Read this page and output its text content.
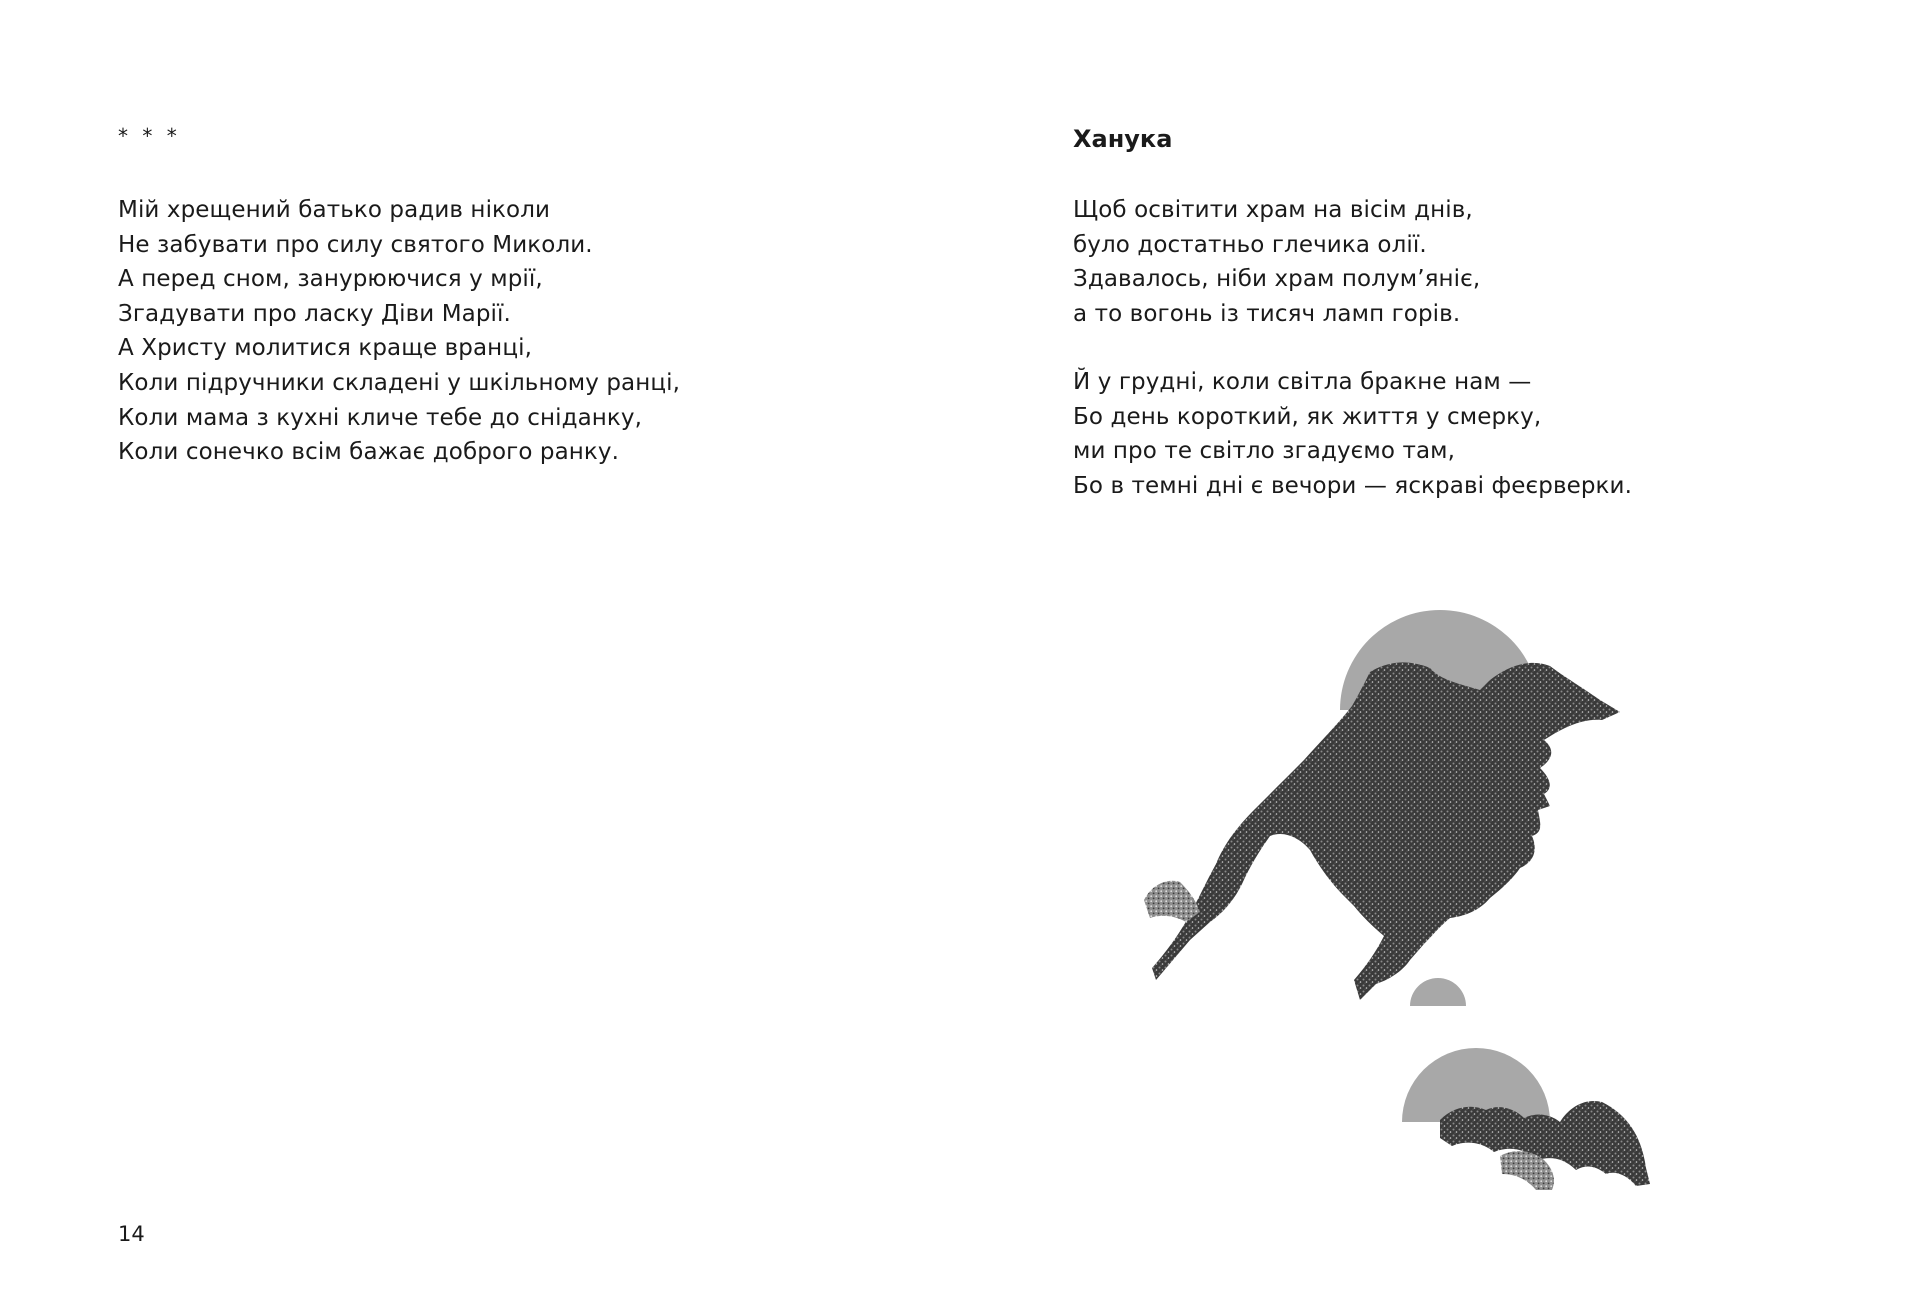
* * *
Мій хрещений батько радив ніколи
Не забувати про силу святого Миколи.
А перед сном, занурюючися у мрії,
Згадувати про ласку Діви Марії.
А Христу молитися краще вранці,
Коли підручники складені у шкільному ранці,
Коли мама з кухні кличе тебе до сніданку,
Коли сонечко всім бажає доброго ранку.
14
Ханука
Щоб освітити храм на вісім днів,
було достатньо глечика олії.
Здавалось, ніби храм полум’яніє,
а то вогонь із тисяч ламп горів.
Й у грудні, коли світла бракне нам —
Бо день короткий, як життя у смерку,
ми про те світло згадуємо там,
Бо в темні дні є вечори — яскраві феєрверки.
